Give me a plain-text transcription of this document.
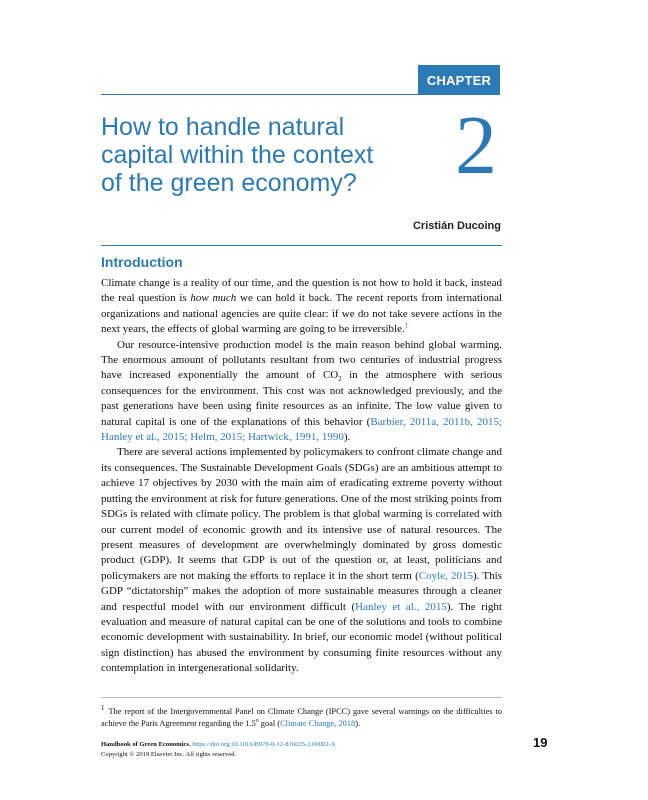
CHAPTER
How to handle natural
capital within the context
of the green economy?	2
Cristián Ducoing
Introduction

Climate change is a reality of our time, and the question is not how to hold it back, instead the real question is how much we can hold it back. The recent reports from international organizations and national agencies are quite clear: if we do not take severe actions in the next years, the effects of global warming are going to be irreversible.$^1$

Our resource-intensive production model is the main reason behind global warming. The enormous amount of pollutants resultant from two centuries of industrial progress have increased exponentially the amount of $CO_2$ in the atmosphere with serious consequences for the environment. This cost was not acknowledged previously, and the past generations have been using finite resources as an infinite. The low value given to natural capital is one of the explanations of this behavior (Barbier, 2011a, 2011b, 2015; Hanley et al., 2015; Helm, 2015; Hartwick, 1991, 1990).

There are several actions implemented by policymakers to confront climate change and its consequences. The Sustainable Development Goals (SDGs) are an ambitious attempt to achieve 17 objectives by 2030 with the main aim of eradicating extreme poverty without putting the environment at risk for future generations. One of the most striking points from SDGs is related with climate policy. The problem is that global warming is correlated with our current model of economic growth and its intensive use of natural resources. The present measures of development are overwhelmingly dominated by gross domestic product (GDP). It seems that GDP is out of the question or, at least, politicians and policymakers are not making the efforts to replace it in the short term (Coyle, 2015). This GDP “dictatorship” makes the adoption of more sustainable measures through a cleaner and respectful model with our environment difficult (Hanley et al., 2015). The right evaluation and measure of natural capital can be one of the solutions and tools to combine economic development with sustainability. In brief, our economic model (without political sign distinction) has abused the environment by consuming finite resources without any contemplation in intergenerational solidarity.

$^1$ The report of the Intergovernmental Panel on Climate Change (IPCC) gave several warnings on the difficulties to achieve the Paris Agreement regarding the 1.5$^o$ goal (Climate Change, 2018).

Handbook of Green Economics. https://doi.org/10.1016/B978-0-12-816635-2.00002-X
Copyright © 2019 Elsevier Inc. All rights reserved.
19
